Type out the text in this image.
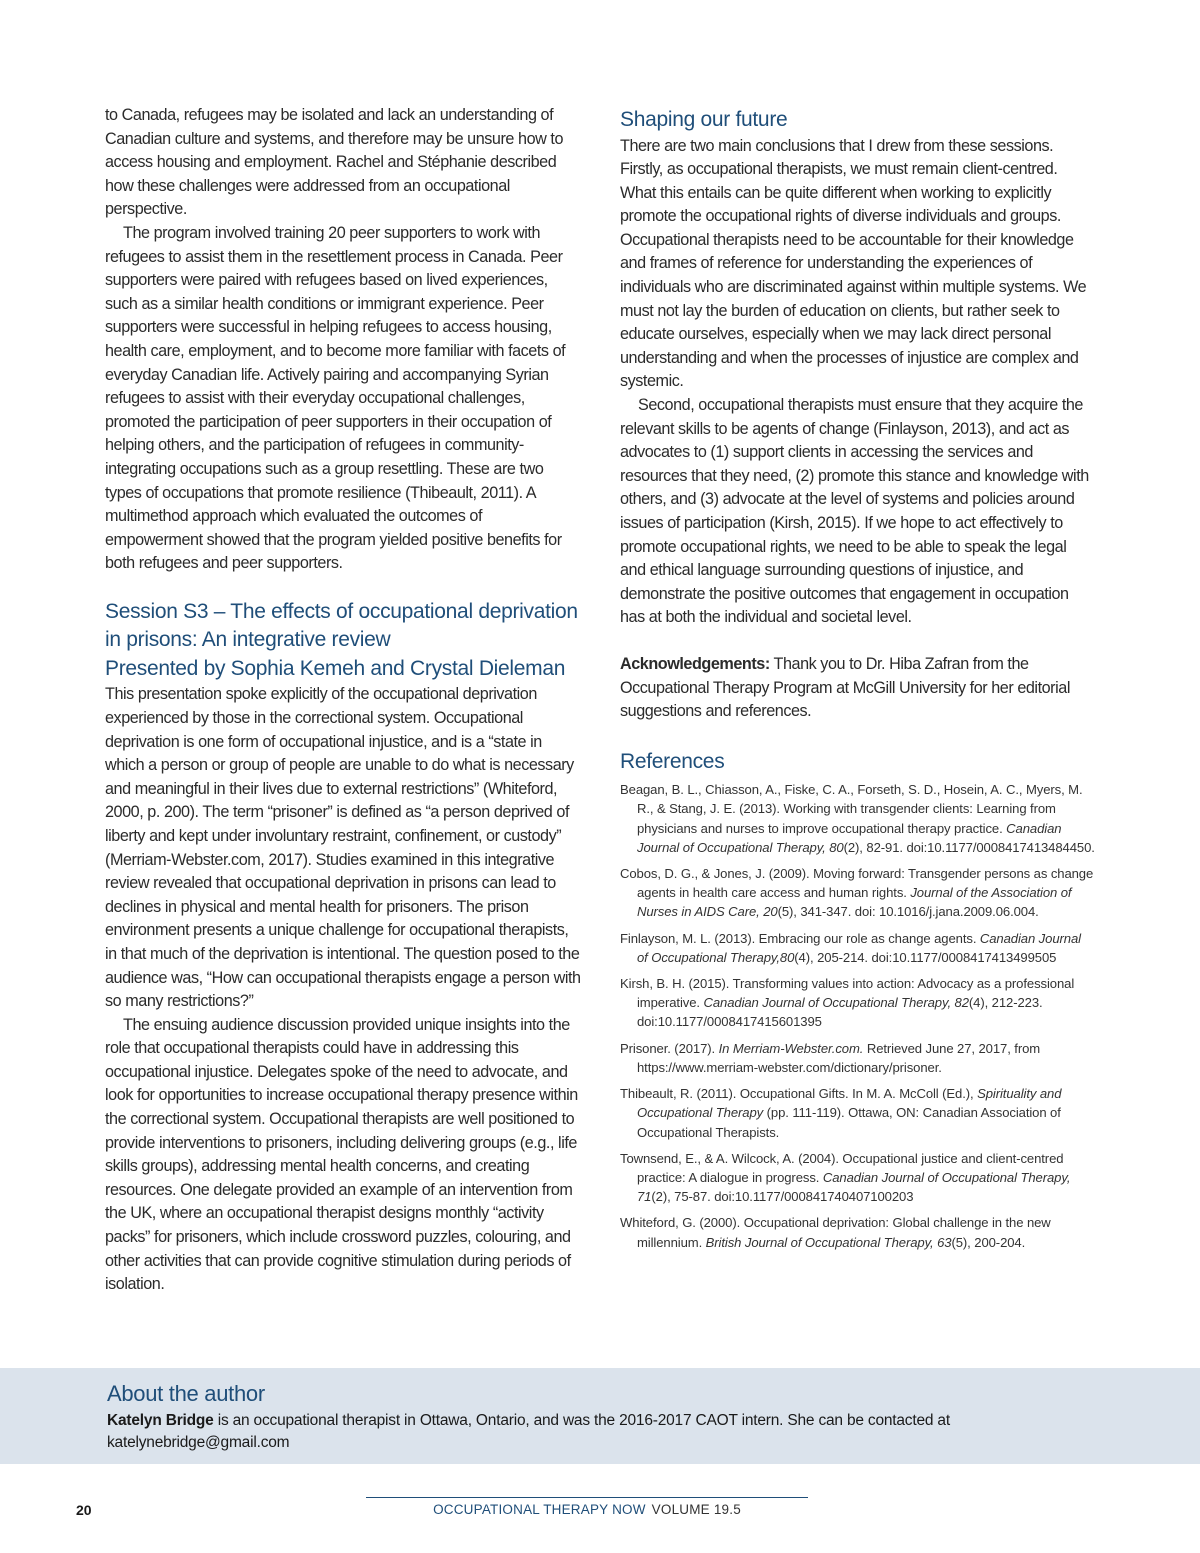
to Canada, refugees may be isolated and lack an understanding of Canadian culture and systems, and therefore may be unsure how to access housing and employment. Rachel and Stéphanie described how these challenges were addressed from an occupational perspective.

The program involved training 20 peer supporters to work with refugees to assist them in the resettlement process in Canada. Peer supporters were paired with refugees based on lived experiences, such as a similar health conditions or immigrant experience. Peer supporters were successful in helping refugees to access housing, health care, employment, and to become more familiar with facets of everyday Canadian life. Actively pairing and accompanying Syrian refugees to assist with their everyday occupational challenges, promoted the participation of peer supporters in their occupation of helping others, and the participation of refugees in community-integrating occupations such as a group resettling. These are two types of occupations that promote resilience (Thibeault, 2011). A multimethod approach which evaluated the outcomes of empowerment showed that the program yielded positive benefits for both refugees and peer supporters.

Session S3 – The effects of occupational deprivation in prisons: An integrative review
Presented by Sophia Kemeh and Crystal Dieleman

This presentation spoke explicitly of the occupational deprivation experienced by those in the correctional system. Occupational deprivation is one form of occupational injustice, and is a “state in which a person or group of people are unable to do what is necessary and meaningful in their lives due to external restrictions” (Whiteford, 2000, p. 200). The term “prisoner” is defined as “a person deprived of liberty and kept under involuntary restraint, confinement, or custody” (Merriam-Webster.com, 2017). Studies examined in this integrative review revealed that occupational deprivation in prisons can lead to declines in physical and mental health for prisoners. The prison environment presents a unique challenge for occupational therapists, in that much of the deprivation is intentional. The question posed to the audience was, “How can occupational therapists engage a person with so many restrictions?”

The ensuing audience discussion provided unique insights into the role that occupational therapists could have in addressing this occupational injustice. Delegates spoke of the need to advocate, and look for opportunities to increase occupational therapy presence within the correctional system. Occupational therapists are well positioned to provide interventions to prisoners, including delivering groups (e.g., life skills groups), addressing mental health concerns, and creating resources. One delegate provided an example of an intervention from the UK, where an occupational therapist designs monthly “activity packs” for prisoners, which include crossword puzzles, colouring, and other activities that can provide cognitive stimulation during periods of isolation.

Shaping our future

There are two main conclusions that I drew from these sessions. Firstly, as occupational therapists, we must remain client-centred. What this entails can be quite different when working to explicitly promote the occupational rights of diverse individuals and groups. Occupational therapists need to be accountable for their knowledge and frames of reference for understanding the experiences of individuals who are discriminated against within multiple systems. We must not lay the burden of education on clients, but rather seek to educate ourselves, especially when we may lack direct personal understanding and when the processes of injustice are complex and systemic.

Second, occupational therapists must ensure that they acquire the relevant skills to be agents of change (Finlayson, 2013), and act as advocates to (1) support clients in accessing the services and resources that they need, (2) promote this stance and knowledge with others, and (3) advocate at the level of systems and policies around issues of participation (Kirsh, 2015). If we hope to act effectively to promote occupational rights, we need to be able to speak the legal and ethical language surrounding questions of injustice, and demonstrate the positive outcomes that engagement in occupation has at both the individual and societal level.

Acknowledgements: Thank you to Dr. Hiba Zafran from the Occupational Therapy Program at McGill University for her editorial suggestions and references.

References
Beagan, B. L., Chiasson, A., Fiske, C. A., Forseth, S. D., Hosein, A. C., Myers, M. R., & Stang, J. E. (2013). Working with transgender clients: Learning from physicians and nurses to improve occupational therapy practice. Canadian Journal of Occupational Therapy, 80(2), 82-91. doi:10.1177/0008417413484450.
Cobos, D. G., & Jones, J. (2009). Moving forward: Transgender persons as change agents in health care access and human rights. Journal of the Association of Nurses in AIDS Care, 20(5), 341-347. doi: 10.1016/j.jana.2009.06.004.
Finlayson, M. L. (2013). Embracing our role as change agents. Canadian Journal of Occupational Therapy,80(4), 205-214. doi:10.1177/0008417413499505
Kirsh, B. H. (2015). Transforming values into action: Advocacy as a professional imperative. Canadian Journal of Occupational Therapy, 82(4), 212-223. doi:10.1177/0008417415601395
Prisoner. (2017). In Merriam-Webster.com. Retrieved June 27, 2017, from https://www.merriam-webster.com/dictionary/prisoner.
Thibeault, R. (2011). Occupational Gifts. In M. A. McColl (Ed.), Spirituality and Occupational Therapy (pp. 111-119). Ottawa, ON: Canadian Association of Occupational Therapists.
Townsend, E., & A. Wilcock, A. (2004). Occupational justice and client-centred practice: A dialogue in progress. Canadian Journal of Occupational Therapy, 71(2), 75-87. doi:10.1177/000841740407100203
Whiteford, G. (2000). Occupational deprivation: Global challenge in the new millennium. British Journal of Occupational Therapy, 63(5), 200-204.
About the author

Katelyn Bridge is an occupational therapist in Ottawa, Ontario, and was the 2016-2017 CAOT intern. She can be contacted at katelynebridge@gmail.com

20	OCCUPATIONAL THERAPY NOW VOLUME 19.5
